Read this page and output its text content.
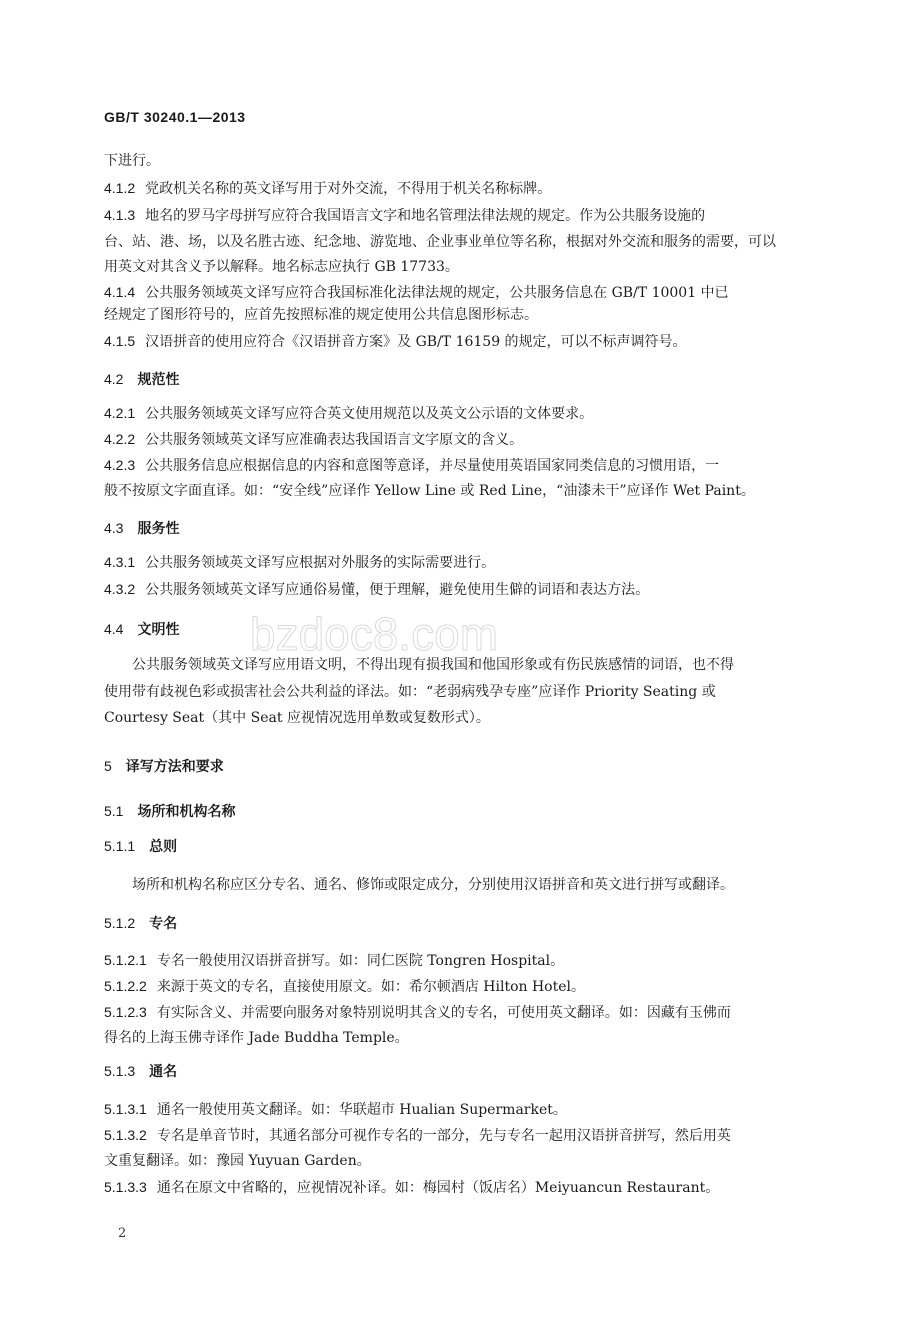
GB/T 30240.1—2013
下进行。
4.1.2 党政机关名称的英文译写用于对外交流，不得用于机关名称标牌。
4.1.3 地名的罗马字母拼写应符合我国语言文字和地名管理法律法规的规定。作为公共服务设施的
台、站、港、场，以及名胜古迹、纪念地、游览地、企业事业单位等名称，根据对外交流和服务的需要，可以
用英文对其含义予以解释。地名标志应执行 GB 17733。
4.1.4 公共服务领域英文译写应符合我国标准化法律法规的规定，公共服务信息在 GB/T 10001 中已
经规定了图形符号的，应首先按照标准的规定使用公共信息图形标志。
4.1.5 汉语拼音的使用应符合《汉语拼音方案》及 GB/T 16159 的规定，可以不标声调符号。
4.2 规范性
4.2.1 公共服务领域英文译写应符合英文使用规范以及英文公示语的文体要求。
4.2.2 公共服务领域英文译写应准确表达我国语言文字原文的含义。
4.2.3 公共服务信息应根据信息的内容和意图等意译，并尽量使用英语国家同类信息的习惯用语，一
般不按原文字面直译。如：“安全线”应译作 Yellow Line 或 Red Line，“油漆未干”应译作 Wet Paint。
4.3 服务性
4.3.1 公共服务领域英文译写应根据对外服务的实际需要进行。
4.3.2 公共服务领域英文译写应通俗易懂，便于理解，避免使用生僻的词语和表达方法。
4.4 文明性
公共服务领域英文译写应用语文明，不得出现有损我国和他国形象或有伤民族感情的词语，也不得
使用带有歧视色彩或损害社会公共利益的译法。如：“老弱病残孕专座”应译作 Priority Seating 或
Courtesy Seat（其中 Seat 应视情况选用单数或复数形式）。
5 译写方法和要求
5.1 场所和机构名称
5.1.1 总则
场所和机构名称应区分专名、通名、修饰或限定成分，分别使用汉语拼音和英文进行拼写或翻译。
5.1.2 专名
5.1.2.1 专名一般使用汉语拼音拼写。如：同仁医院 Tongren Hospital。
5.1.2.2 来源于英文的专名，直接使用原文。如：希尔顿酒店 Hilton Hotel。
5.1.2.3 有实际含义、并需要向服务对象特别说明其含义的专名，可使用英文翻译。如：因藏有玉佛而
得名的上海玉佛寺译作 Jade Buddha Temple。
5.1.3 通名
5.1.3.1 通名一般使用英文翻译。如：华联超市 Hualian Supermarket。
5.1.3.2 专名是单音节时，其通名部分可视作专名的一部分，先与专名一起用汉语拼音拼写，然后用英
文重复翻译。如：豫园 Yuyuan Garden。
5.1.3.3 通名在原文中省略的，应视情况补译。如：梅园村（饭店名）Meiyuancun Restaurant。
2
bzdoc8.com
